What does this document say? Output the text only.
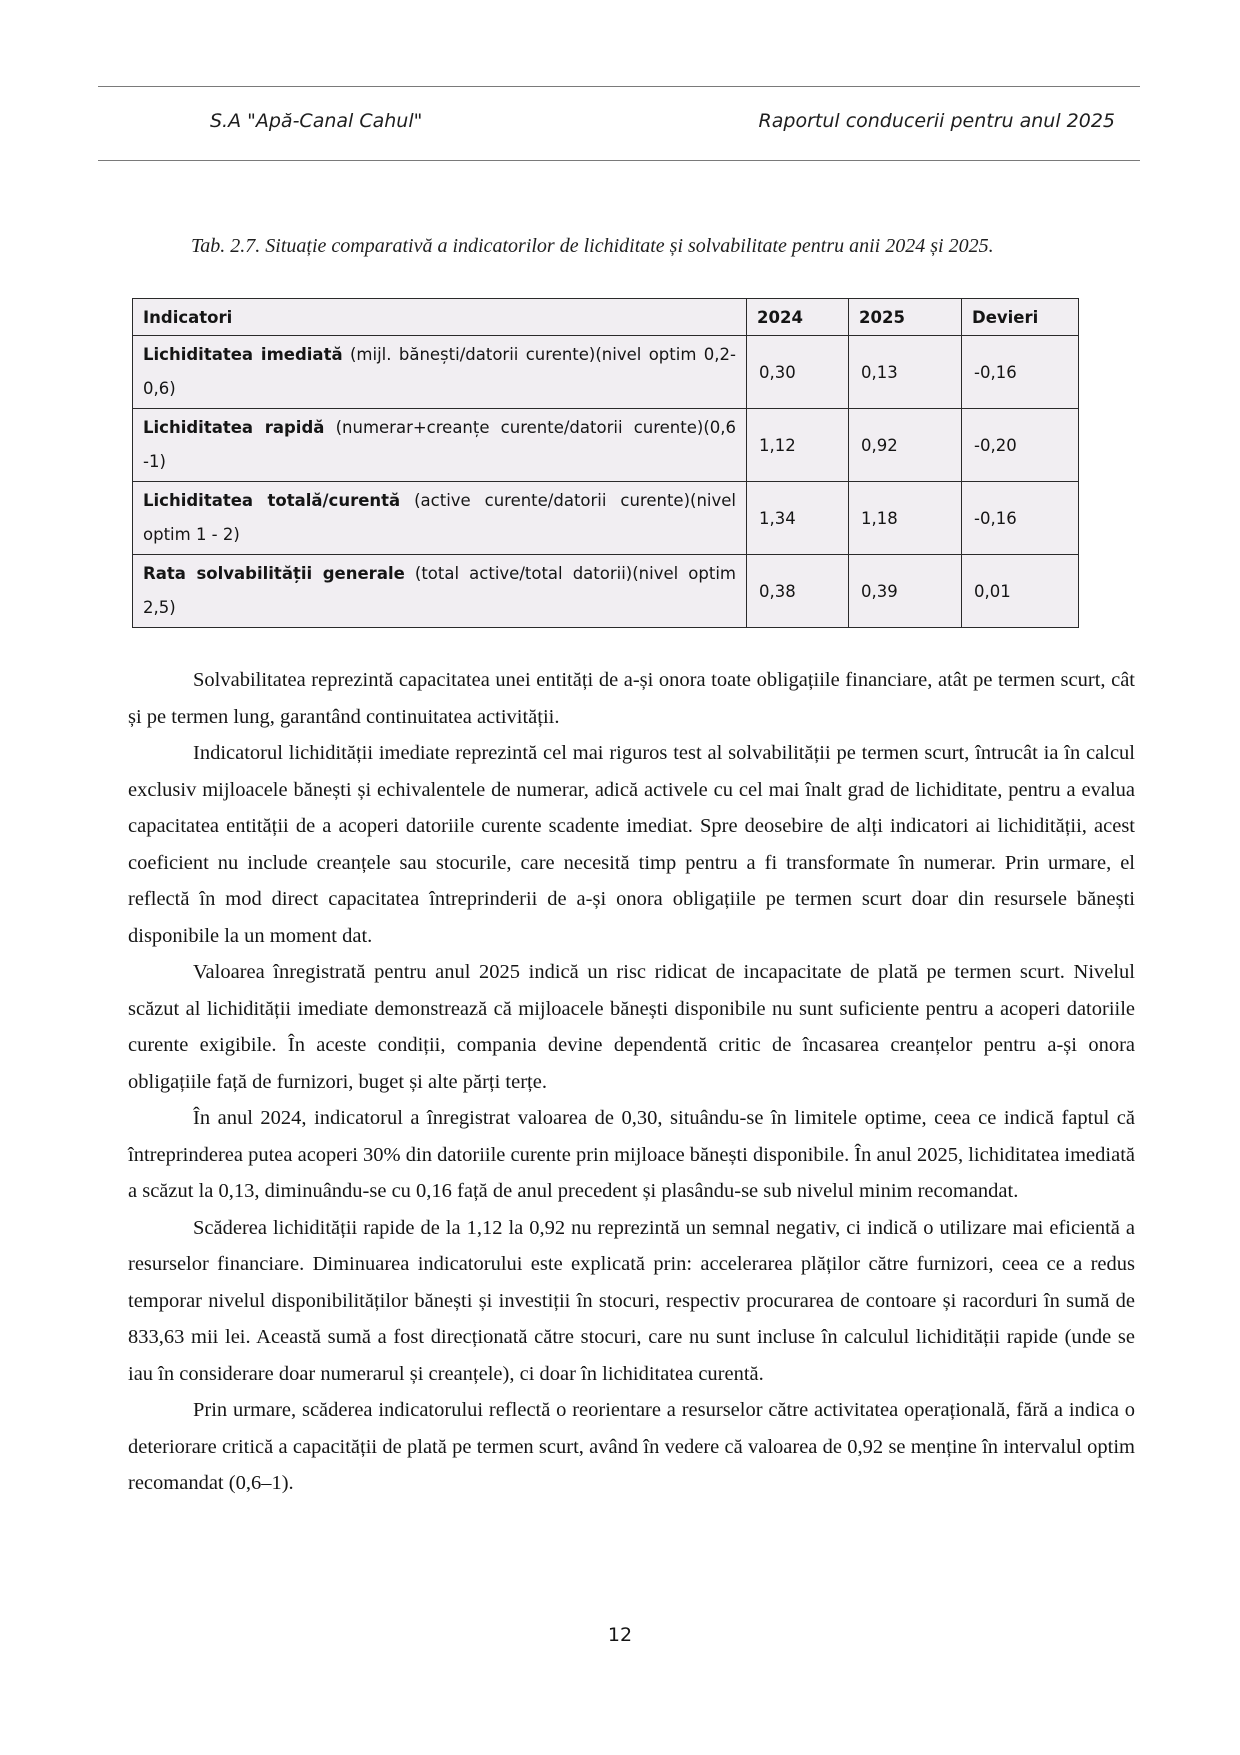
S.A "Apă-Canal Cahul"	Raportul conducerii pentru anul 2025
Tab. 2.7. Situație comparativă a indicatorilor de lichiditate și solvabilitate pentru anii 2024 și 2025.
Indicatori	2024	2025	Devieri
Lichiditatea imediată (mijl. bănești/datorii curente)(nivel optim 0,2-0,6)	0,30	0,13	-0,16
Lichiditatea rapidă (numerar+creanțe curente/datorii curente)(0,6 -1)	1,12	0,92	-0,20
Lichiditatea totală/curentă (active curente/datorii curente)(nivel optim 1 - 2)	1,34	1,18	-0,16
Rata solvabilității generale (total active/total datorii)(nivel optim 2,5)	0,38	0,39	0,01

Solvabilitatea reprezintă capacitatea unei entități de a-și onora toate obligațiile financiare, atât pe termen scurt, cât și pe termen lung, garantând continuitatea activității.

Indicatorul lichidității imediate reprezintă cel mai riguros test al solvabilității pe termen scurt, întrucât ia în calcul exclusiv mijloacele bănești și echivalentele de numerar, adică activele cu cel mai înalt grad de lichiditate, pentru a evalua capacitatea entității de a acoperi datoriile curente scadente imediat. Spre deosebire de alți indicatori ai lichidității, acest coeficient nu include creanțele sau stocurile, care necesită timp pentru a fi transformate în numerar. Prin urmare, el reflectă în mod direct capacitatea întreprinderii de a-și onora obligațiile pe termen scurt doar din resursele bănești disponibile la un moment dat.

Valoarea înregistrată pentru anul 2025 indică un risc ridicat de incapacitate de plată pe termen scurt. Nivelul scăzut al lichidității imediate demonstrează că mijloacele bănești disponibile nu sunt suficiente pentru a acoperi datoriile curente exigibile. În aceste condiții, compania devine dependentă critic de încasarea creanțelor pentru a-și onora obligațiile față de furnizori, buget și alte părți terțe.

În anul 2024, indicatorul a înregistrat valoarea de 0,30, situându-se în limitele optime, ceea ce indică faptul că întreprinderea putea acoperi 30% din datoriile curente prin mijloace bănești disponibile. În anul 2025, lichiditatea imediată a scăzut la 0,13, diminuându-se cu 0,16 față de anul precedent și plasându-se sub nivelul minim recomandat.

Scăderea lichidității rapide de la 1,12 la 0,92 nu reprezintă un semnal negativ, ci indică o utilizare mai eficientă a resurselor financiare. Diminuarea indicatorului este explicată prin: accelerarea plăților către furnizori, ceea ce a redus temporar nivelul disponibilităților bănești și investiții în stocuri, respectiv procurarea de contoare și racorduri în sumă de 833,63 mii lei. Această sumă a fost direcționată către stocuri, care nu sunt incluse în calculul lichidității rapide (unde se iau în considerare doar numerarul și creanțele), ci doar în lichiditatea curentă.

Prin urmare, scăderea indicatorului reflectă o reorientare a resurselor către activitatea operațională, fără a indica o deteriorare critică a capacității de plată pe termen scurt, având în vedere că valoarea de 0,92 se menține în intervalul optim recomandat (0,6–1).

12
